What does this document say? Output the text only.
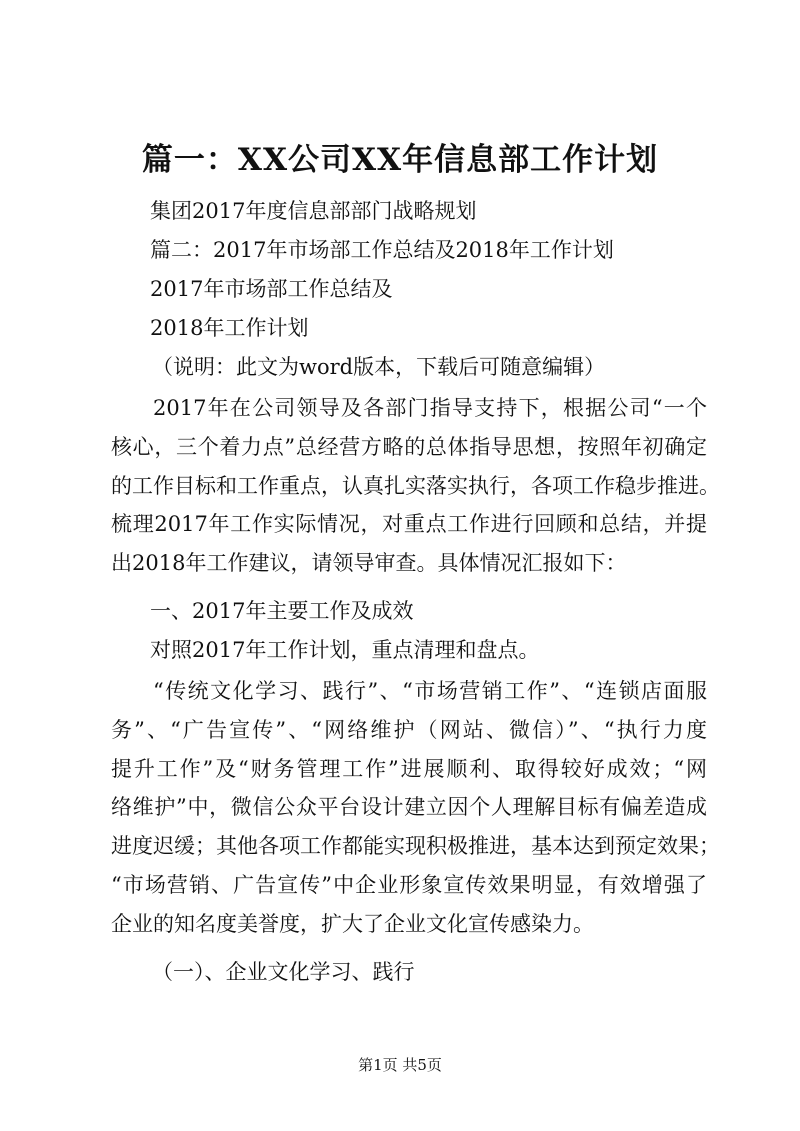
篇一：XX公司XX年信息部工作计划
集团2017年度信息部部门战略规划
篇二：2017年市场部工作总结及2018年工作计划
2017年市场部工作总结及
2018年工作计划
（说明：此文为word版本，下载后可随意编辑）
2017年在公司领导及各部门指导支持下，根据公司“一个
核心，三个着力点”总经营方略的总体指导思想，按照年初确定
的工作目标和工作重点，认真扎实落实执行，各项工作稳步推进。
梳理2017年工作实际情况，对重点工作进行回顾和总结，并提
出2018年工作建议，请领导审查。具体情况汇报如下：
一、2017年主要工作及成效
对照2017年工作计划，重点清理和盘点。
“传统文化学习、践行”、“市场营销工作”、“连锁店面服
务”、“广告宣传”、“网络维护（网站、微信）”、“执行力度
提升工作”及“财务管理工作”进展顺利、取得较好成效；“网
络维护”中，微信公众平台设计建立因个人理解目标有偏差造成
进度迟缓；其他各项工作都能实现积极推进，基本达到预定效果；
“市场营销、广告宣传”中企业形象宣传效果明显，有效增强了
企业的知名度美誉度，扩大了企业文化宣传感染力。
（一）、企业文化学习、践行
第1页 共5页
